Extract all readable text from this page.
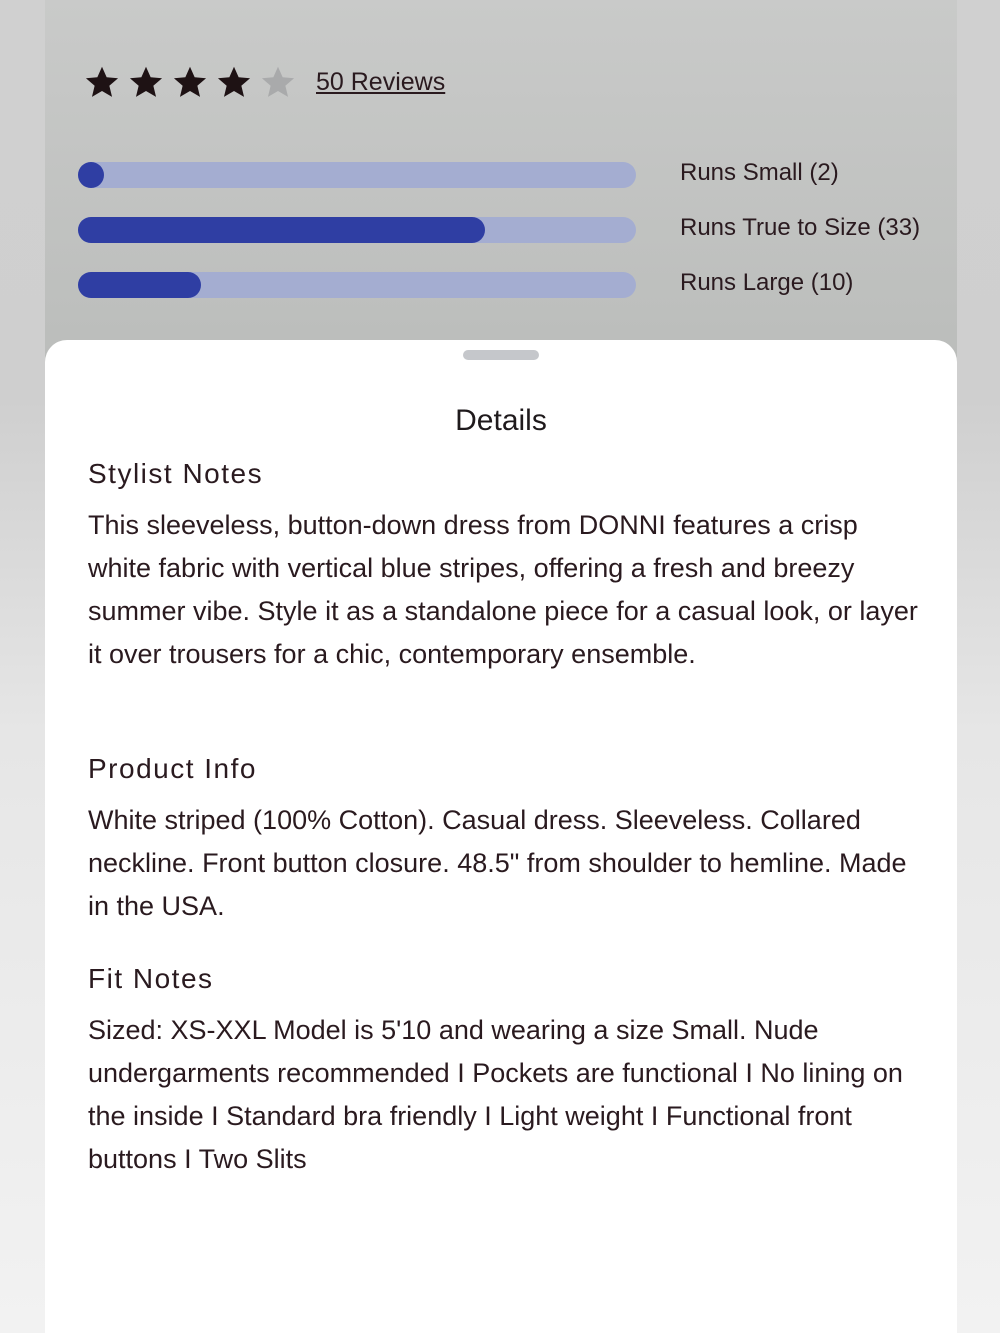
50 Reviews
Runs Small (2)
Runs True to Size (33)
Runs Large (10)
Details
Stylist Notes

This sleeveless, button-down dress from DONNI features a crisp white fabric with vertical blue stripes, offering a fresh and breezy summer vibe. Style it as a standalone piece for a casual look, or layer it over trousers for a chic, contemporary ensemble.

Product Info

White striped (100% Cotton). Casual dress. Sleeveless. Collared neckline. Front button closure. 48.5" from shoulder to hemline. Made in the USA.

Fit Notes

Sized: XS-XXL Model is 5'10 and wearing a size Small. Nude undergarments recommended I Pockets are functional I No lining on the inside I Standard bra friendly I Light weight I Functional front buttons I Two Slits
